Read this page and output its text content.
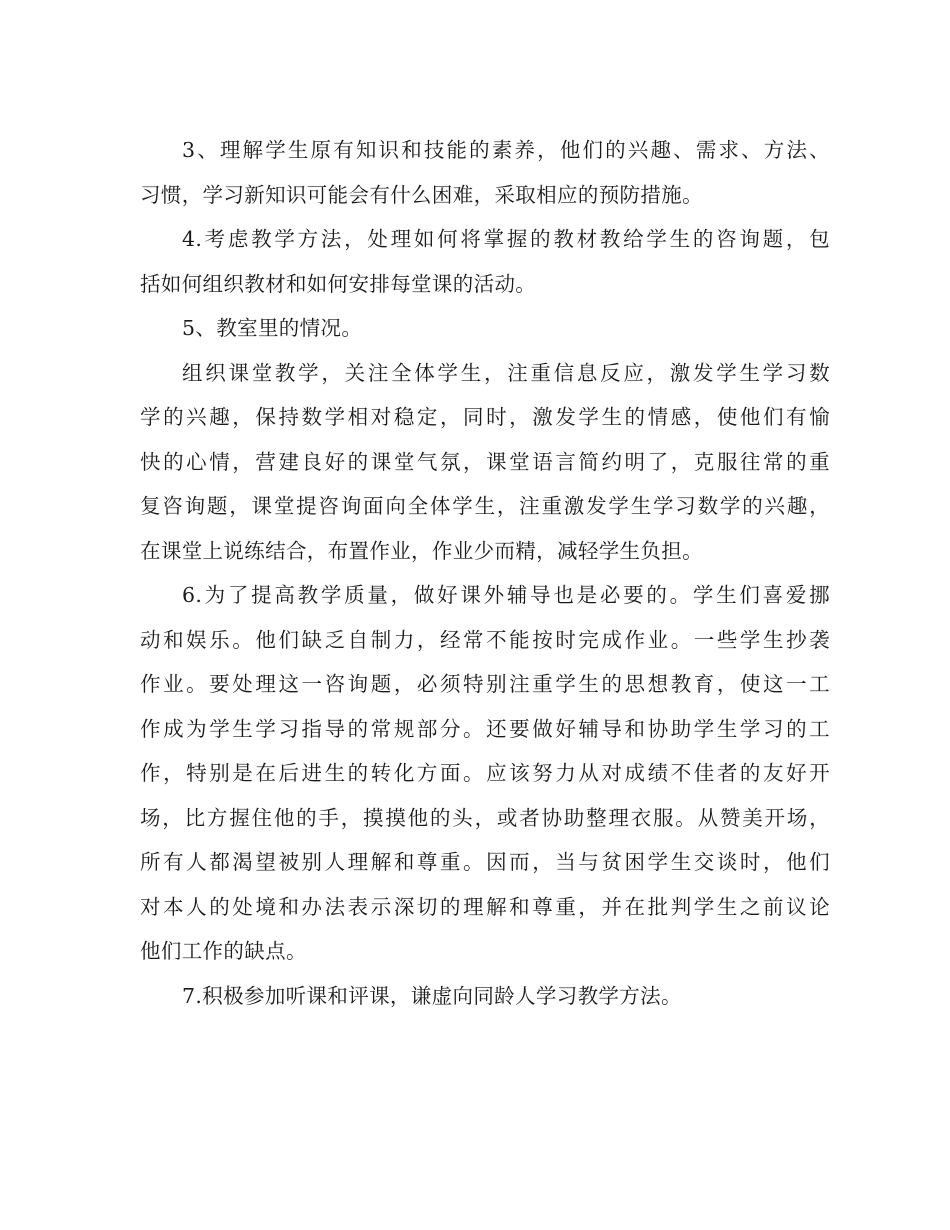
3、理解学生原有知识和技能的素养，他们的兴趣、需求、方法、
习惯，学习新知识可能会有什么困难，采取相应的预防措施。
4.考虑教学方法，处理如何将掌握的教材教给学生的咨询题，包
括如何组织教材和如何安排每堂课的活动。
5、教室里的情况。
组织课堂教学，关注全体学生，注重信息反应，激发学生学习数
学的兴趣，保持数学相对稳定，同时，激发学生的情感，使他们有愉
快的心情，营建良好的课堂气氛，课堂语言简约明了，克服往常的重
复咨询题，课堂提咨询面向全体学生，注重激发学生学习数学的兴趣，
在课堂上说练结合，布置作业，作业少而精，减轻学生负担。
6.为了提高教学质量，做好课外辅导也是必要的。学生们喜爱挪
动和娱乐。他们缺乏自制力，经常不能按时完成作业。一些学生抄袭
作业。要处理这一咨询题，必须特别注重学生的思想教育，使这一工
作成为学生学习指导的常规部分。还要做好辅导和协助学生学习的工
作，特别是在后进生的转化方面。应该努力从对成绩不佳者的友好开
场，比方握住他的手，摸摸他的头，或者协助整理衣服。从赞美开场，
所有人都渴望被别人理解和尊重。因而，当与贫困学生交谈时，他们
对本人的处境和办法表示深切的理解和尊重，并在批判学生之前议论
他们工作的缺点。
7.积极参加听课和评课，谦虚向同龄人学习教学方法。
